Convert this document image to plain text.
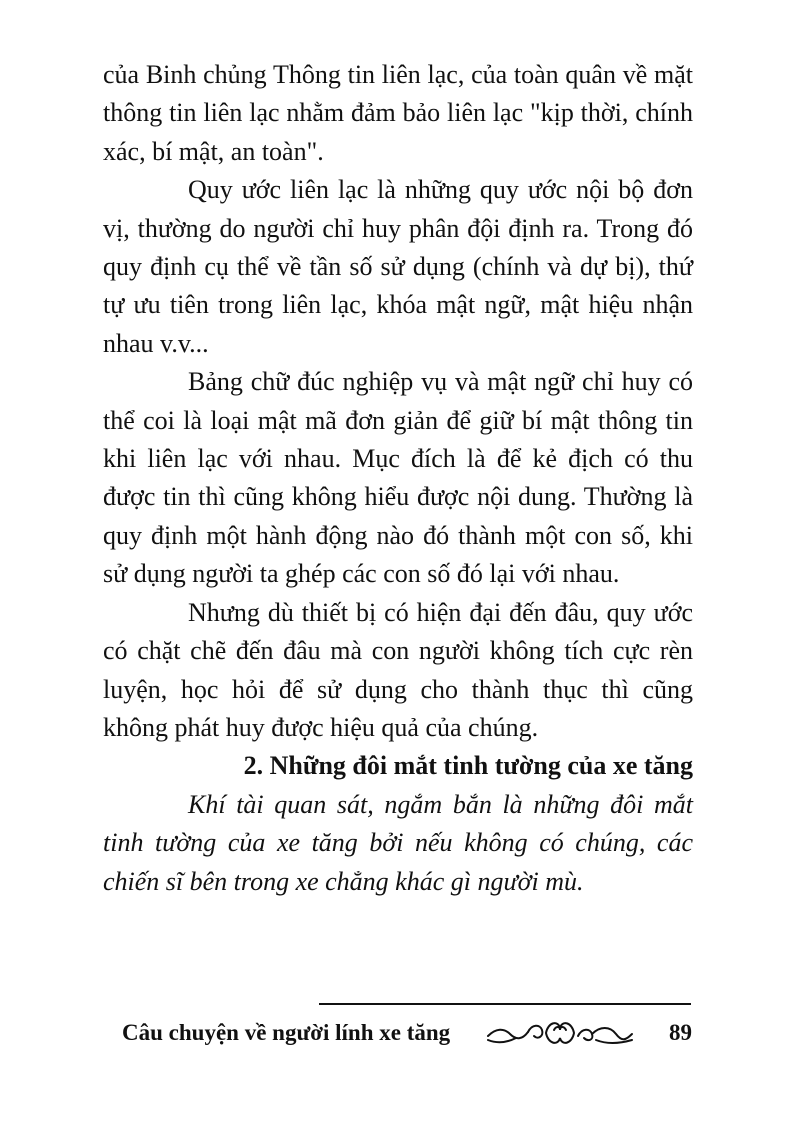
của Binh chủng Thông tin liên lạc, của toàn quân về mặt thông tin liên lạc nhằm đảm bảo liên lạc "kịp thời, chính xác, bí mật, an toàn".

Quy ước liên lạc là những quy ước nội bộ đơn vị, thường do người chỉ huy phân đội định ra. Trong đó quy định cụ thể về tần số sử dụng (chính và dự bị), thứ tự ưu tiên trong liên lạc, khóa mật ngữ, mật hiệu nhận nhau v.v...

Bảng chữ đúc nghiệp vụ và mật ngữ chỉ huy có thể coi là loại mật mã đơn giản để giữ bí mật thông tin khi liên lạc với nhau. Mục đích là để kẻ địch có thu được tin thì cũng không hiểu được nội dung. Thường là quy định một hành động nào đó thành một con số, khi sử dụng người ta ghép các con số đó lại với nhau.

Nhưng dù thiết bị có hiện đại đến đâu, quy ước có chặt chẽ đến đâu mà con người không tích cực rèn luyện, học hỏi để sử dụng cho thành thục thì cũng không phát huy được hiệu quả của chúng.

2. Những đôi mắt tinh tường của xe tăng

Khí tài quan sát, ngắm bắn là những đôi mắt tinh tường của xe tăng bởi nếu không có chúng, các chiến sĩ bên trong xe chẳng khác gì người mù.

Câu chuyện về người lính xe tăng	89
